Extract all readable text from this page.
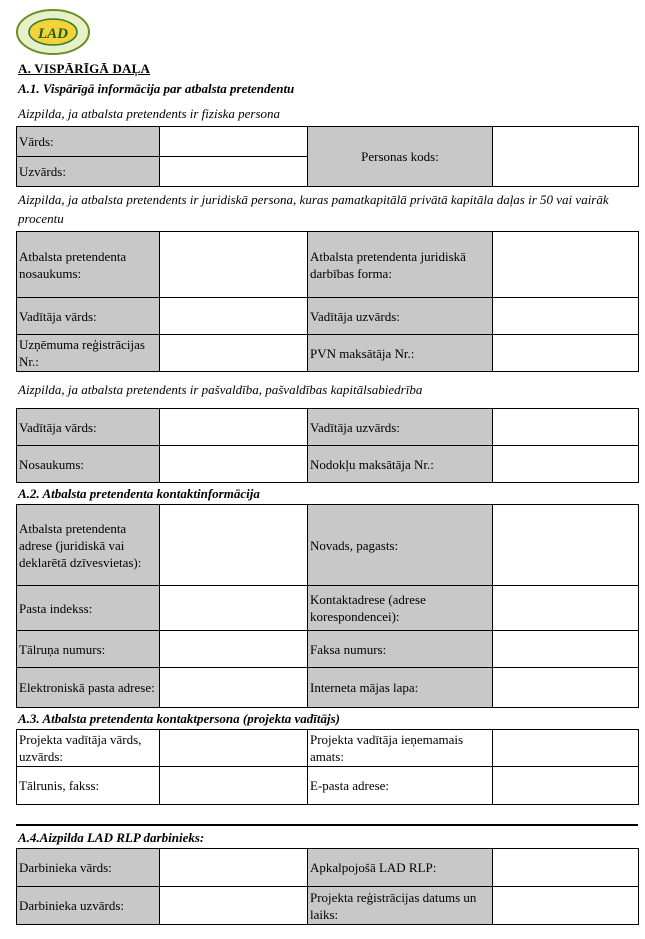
LAD
A. VISPĀRĪGĀ DAĻA
A.1. Vispārīgā informācija par atbalsta pretendentu
Aizpilda, ja atbalsta pretendents ir fiziska persona
Vārds:		Personas kods:	
Uzvārds:			
Aizpilda, ja atbalsta pretendents ir juridiskā persona, kuras pamatkapitālā privātā kapitāla daļas ir 50 vai vairāk procentu
Atbalsta pretendenta nosaukums:		Atbalsta pretendenta juridiskā darbības forma:	
Vadītāja vārds:		Vadītāja uzvārds:	
Uzņēmuma reģistrācijas Nr.:		PVN maksātāja Nr.:	
Aizpilda, ja atbalsta pretendents ir pašvaldība, pašvaldības kapitālsabiedrība
Vadītāja vārds:		Vadītāja uzvārds:	
Nosaukums:		Nodokļu maksātāja Nr.:	
A.2. Atbalsta pretendenta kontaktinformācija
Atbalsta pretendenta adrese (juridiskā vai deklarētā dzīvesvietas):		Novads, pagasts:	
Pasta indekss:		Kontaktadrese (adrese korespondencei):	
Tālruņa numurs:		Faksa numurs:	
Elektroniskā pasta adrese:		Interneta mājas lapa:	
A.3. Atbalsta pretendenta kontaktpersona (projekta vadītājs)
Projekta vadītāja vārds, uzvārds:		Projekta vadītāja ieņemamais amats:	
Tālrunis, fakss:		E-pasta adrese:	
A.4.Aizpilda LAD RLP darbinieks:
Darbinieka vārds:		Apkalpojošā LAD RLP:	
Darbinieka uzvārds:		Projekta reģistrācijas datums un laiks:	
